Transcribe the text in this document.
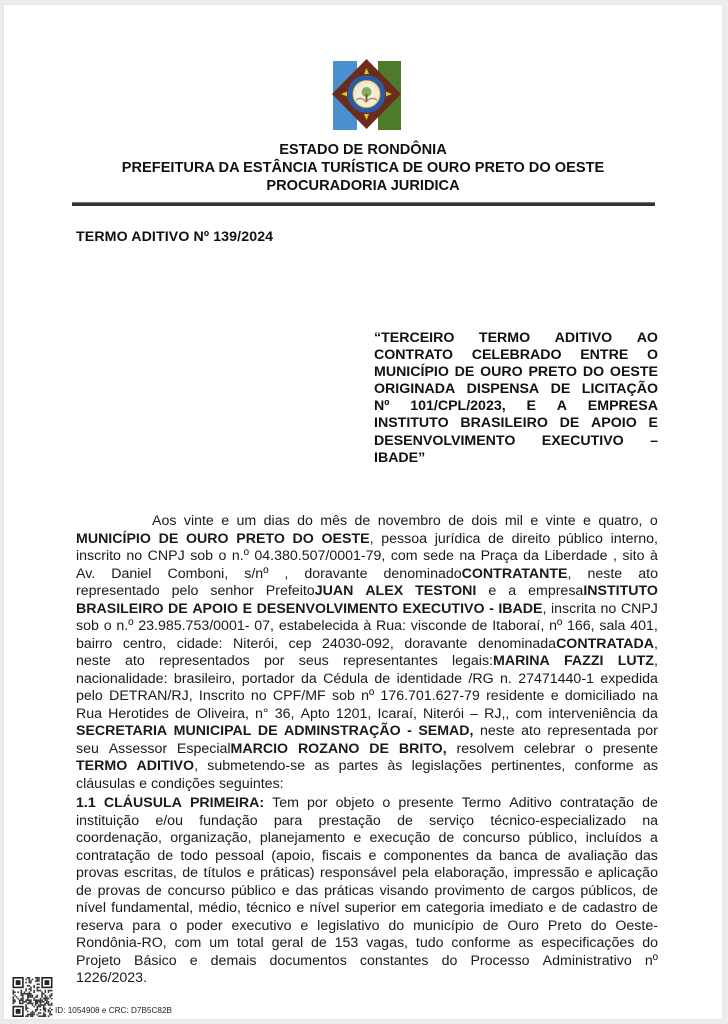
ESTADO DE RONDÔNIA
PREFEITURA DA ESTÂNCIA TURÍSTICA DE OURO PRETO DO OESTE
PROCURADORIA JURIDICA
TERMO ADITIVO Nº 139/2024
“TERCEIRO TERMO ADITIVO AO
CONTRATO CELEBRADO ENTRE O
MUNICÍPIO DE OURO PRETO DO OESTE
ORIGINADA DISPENSA DE LICITAÇÃO
Nº 101/CPL/2023, E A EMPRESA
INSTITUTO BRASILEIRO DE APOIO E
DESENVOLVIMENTO EXECUTIVO –
IBADE”
Aos vinte e um dias do mês de novembro de dois mil e vinte e quatro, o
MUNICÍPIO DE OURO PRETO DO OESTE, pessoa jurídica de direito público interno,
inscrito no CNPJ sob o n.º 04.380.507/0001-79, com sede na Praça da Liberdade , sito à
Av. Daniel Comboni, s/nº , doravante denominadoCONTRATANTE, neste ato
representado pelo senhor PrefeitoJUAN ALEX TESTONI e a empresaINSTITUTO
BRASILEIRO DE APOIO E DESENVOLVIMENTO EXECUTIVO - IBADE, inscrita no CNPJ
sob o n.º 23.985.753/0001- 07, estabelecida à Rua: visconde de Itaboraí, nº 166, sala 401,
bairro centro, cidade: Niterói, cep 24030-092, doravante denominadaCONTRATADA,
neste ato representados por seus representantes legais:MARINA FAZZI LUTZ,
nacionalidade: brasileiro, portador da Cédula de identidade /RG n. 27471440-1 expedida
pelo DETRAN/RJ, Inscrito no CPF/MF sob nº 176.701.627-79 residente e domiciliado na
Rua Herotides de Oliveira, n° 36, Apto 1201, Icaraí, Niterói – RJ,, com interveniência da
SECRETARIA MUNICIPAL DE ADMINSTRAÇÃO - SEMAD, neste ato representada por
seu Assessor EspecialMARCIO ROZANO DE BRITO, resolvem celebrar o presente
TERMO ADITIVO, submetendo-se as partes às legislações pertinentes, conforme as
cláusulas e condições seguintes:
1.1 CLÁUSULA PRIMEIRA: Tem por objeto o presente Termo Aditivo contratação de
instituição e/ou fundação para prestação de serviço técnico-especializado na
coordenação, organização, planejamento e execução de concurso público, incluídos a
contratação de todo pessoal (apoio, fiscais e componentes da banca de avaliação das
provas escritas, de títulos e práticas) responsável pela elaboração, impressão e aplicação
de provas de concurso público e das práticas visando provimento de cargos públicos, de
nível fundamental, médio, técnico e nível superior em categoria imediato e de cadastro de
reserva para o poder executivo e legislativo do município de Ouro Preto do Oeste-
Rondônia-RO, com um total geral de 153 vagas, tudo conforme as especificações do
Projeto Básico e demais documentos constantes do Processo Administrativo nº
1226/2023.
ID: 1054908 e CRC: D7B5C82B
